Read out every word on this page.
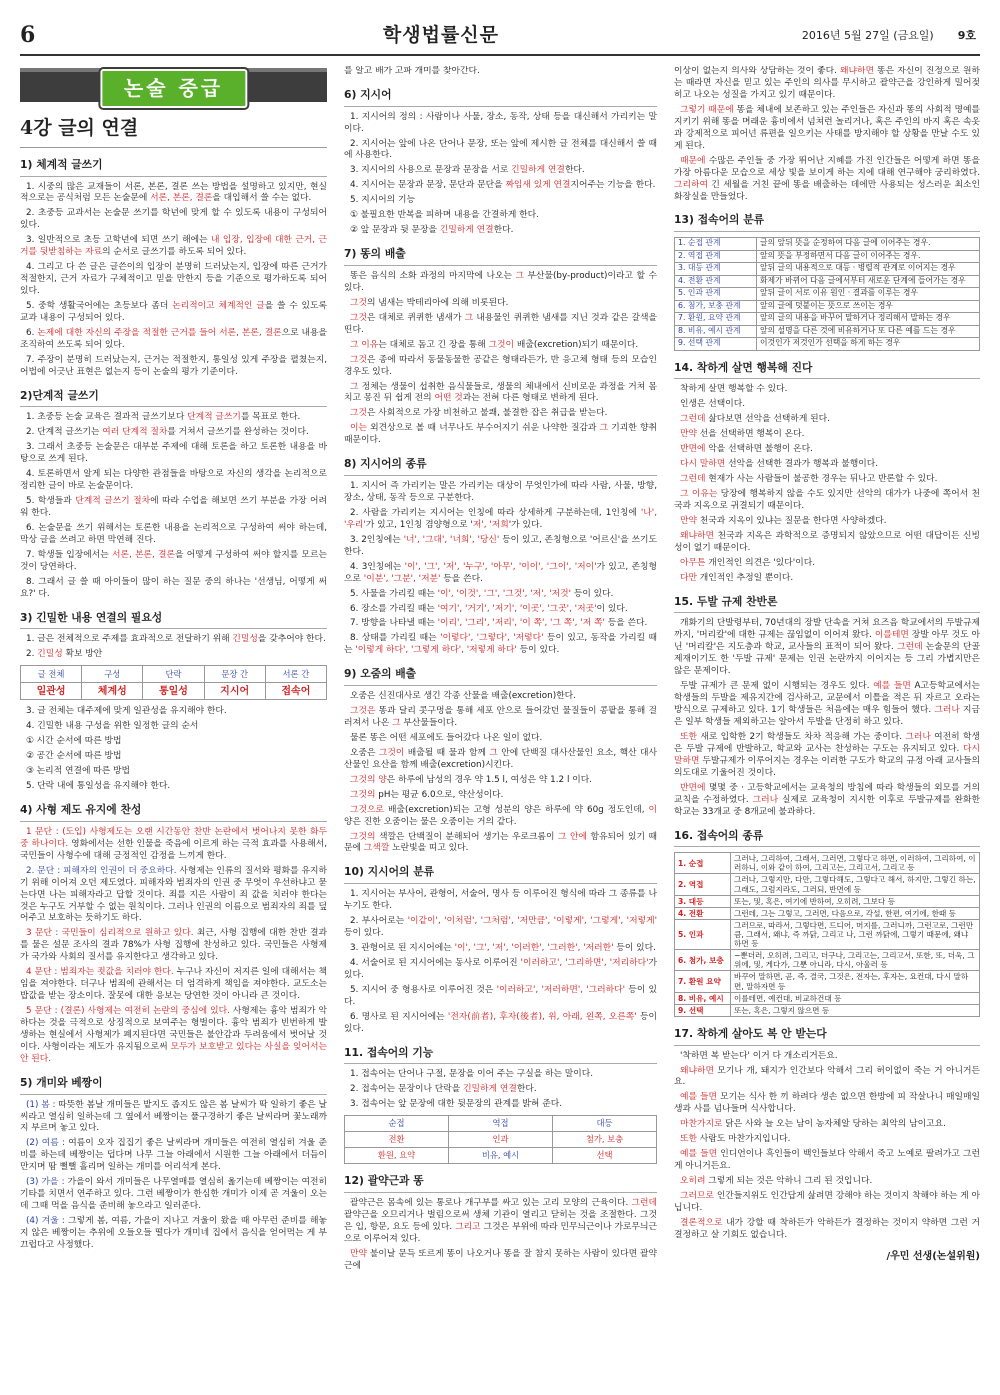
6	학생법률신문	2016년 5월 27일 (금요일) 9호
논술 중급
4강 글의 연결
1) 체계적 글쓰기

1. 시중의 많은 교재들이 서론, 본론, 결론 쓰는 방법을 설명하고 있지만, 현실적으로는 공식처럼 모든 논술문에 서론, 본론, 결론을 대입해서 쓸 수는 없다.

2. 초중등 교과서는 논술문 쓰기를 학년에 맞게 할 수 있도록 내용이 구성되어 있다.

3. 일반적으로 초등 고학년에 되면 쓰기 해에는 내 입장, 입장에 대한 근거, 근거를 뒷받침하는 자료의 순서로 글쓰기를 하도록 되어 있다.

4. 그리고 다 쓴 글은 글쓴이의 입장이 분명히 드러났는지, 입장에 따른 근거가 적절한지, 근거 자료가 구체적이고 믿을 만한지 등을 기준으로 평가하도록 되어 있다.

5. 중학 생활국어에는 초등보다 좀더 논리적이고 체계적인 글을 쓸 수 있도록 교과 내용이 구성되어 있다.

6. 논제에 대한 자신의 주장을 적절한 근거를 들어 서론, 본론, 결론으로 내용을 조직하여 쓰도록 되어 있다.

7. 주장이 분명히 드러났는지, 근거는 적절한지, 통일성 있게 주장을 펼쳤는지, 어법에 어긋난 표현은 없는지 등이 논술의 평가 기준이다.

2)단계적 글쓰기

1. 초중등 논술 교육은 결과적 글쓰기보다 단계적 글쓰기를 목표로 한다.

2. 단계적 글쓰기는 여러 단계적 절차를 거쳐서 글쓰기를 완성하는 것이다.

3. 그래서 초중등 논술문은 대부분 주제에 대해 토론을 하고 토론한 내용을 바탕으로 쓰게 된다.

4. 토론하면서 알게 되는 다양한 관점들을 바탕으로 자신의 생각을 논리적으로 정리한 글이 바로 논술문이다.

5. 학생들과 단계적 글쓰기 절차에 따라 수업을 해보면 쓰기 부분을 가장 어려워 한다.

6. 논술문을 쓰기 위해서는 토론한 내용을 논리적으로 구성하여 써야 하는데, 막상 글을 쓰려고 하면 막연해 진다.

7. 학생들 입장에서는 서론, 본론, 결론을 어떻게 구성하여 써야 할지를 모르는 것이 당연하다.

8. 그래서 글 쓸 때 아이들이 많이 하는 질문 중의 하나는 '선생님, 어떻게 써요?' 다.

3) 긴밀한 내용 연결의 필요성

1. 글은 전체적으로 주제를 효과적으로 전달하기 위해 긴밀성을 갖추어야 한다.

2. 긴밀성 확보 방안

글 전체	구성	단락	문장 간	서론 간
일관성	체계성	통일성	지시어	접속어

3. 글 전체는 대주제에 맞게 일관성을 유지해야 한다.

4. 긴밀한 내용 구성을 위한 일정한 글의 순서

① 시간 순서에 따른 방법

② 공간 순서에 따른 방법

③ 논리적 연결에 따른 방법

5. 단락 내에 통일성을 유지해야 한다.

4) 사형 제도 유지에 찬성

1 문단 : (도입) 사형제도는 오랜 시간동안 찬반 논란에서 벗어나지 못한 화두 중 하나이다. 영화에서는 선한 인물을 죽음에 이르게 하는 극적 효과를 사용해서, 국민들이 사형수에 대해 긍정적인 감정을 느끼게 한다.

2. 문단 : 피해자의 인권이 더 중요하다. 사형제는 인류의 질서와 평화를 유지하기 위해 이어져 오던 제도였다. 피해자와 범죄자의 인권 중 무엇이 우선하냐고 묻는다면 나는 피해자라고 답할 것이다. 죄를 지은 사람이 죄 값을 치러야 한다는 것은 누구도 거부할 수 없는 원칙이다. 그러나 인권의 이름으로 범죄자의 죄를 덮어주고 보호하는 듯하기도 하다.

3 문단 : 국민들이 심리적으로 원하고 있다. 최근, 사형 집행에 대한 찬반 결과를 물은 설문 조사의 결과 78%가 사형 집행에 찬성하고 있다. 국민들은 사형제가 국가와 사회의 질서를 유지한다고 생각하고 있다.

4 문단 : 범죄자는 죗값을 치러야 한다. 누구나 자신이 저지른 일에 대해서는 책임을 져야한다. 더구나 범죄에 관해서는 더 엄격하게 책임을 져야한다. 교도소는 밥값을 받는 장소이다. 잘못에 대한 응보는 당연한 것이 아니라 큰 것이다.

5 문단 : (결론) 사형제는 여전히 논란의 중심에 있다. 사형제는 흉악 범죄가 악하다는 것을 극적으로 상징적으로 보여주는 형벌이다. 흉악 범죄가 빈번하게 발생하는 현실에서 사형제가 폐지된다면 국민들은 불안감과 두려움에서 벗어날 것이다. 사형이라는 제도가 유지됨으로써 모두가 보호받고 있다는 사실을 잊어서는 안 된다.

5) 개미와 베짱이

(1) 봄 : 따뜻한 봄날 개미들은 밭지도 좁지도 않은 봄 날씨가 딱 일하기 좋은 날씨라고 열심히 일하는데 그 옆에서 베짱이는 풀구경하기 좋은 날씨라며 꽃노래까지 부르며 놓고 있다.

(2) 여름 : 여름이 오자 집집기 좋은 날씨라며 개미들은 여전히 열심히 겨울 준비를 하는데 베짱이는 덥다며 나무 그늘 아래에서 시원한 그늘 아래에서 더듬이 만지며 땀 뻘뻘 흘리며 일하는 개미를 어리석게 본다.

(3) 가을 : 가을이 와서 개미들은 나무열매를 열심히 옮기는데 베짱이는 여전히 기타를 치면서 연주하고 있다. 그런 베짱이가 한심한 개미가 이제 곧 겨울이 오는데 그때 먹을 음식을 준비해 놓으라고 일러준다.

(4) 겨울 : 그렇게 봄, 여름, 가을이 지나고 겨울이 왔을 때 아무런 준비를 해놓지 않은 베짱이는 추위에 오들오들 떨다가 개미네 집에서 음식을 얻어먹는 게 부끄럽다고 사정했다.

를 알고 배가 고파 개미를 찾아간다.

6) 지시어

1. 지시어의 정의 : 사람이나 사물, 장소, 동작, 상태 등을 대신해서 가리키는 말이다.

2. 지시어는 앞에 나온 단어나 문장, 또는 앞에 제시한 글 전체를 대신해서 쓸 때에 사용한다.

3. 지시어의 사용으로 문장과 문장을 서로 긴밀하게 연결한다.

4. 지시어는 문장과 문장, 문단과 문단을 짜임새 있게 연결지어주는 기능을 한다.

5. 지시어의 기능

① 불필요한 반복을 피하며 내용을 간결하게 한다.

② 앞 문장과 뒷 문장을 긴밀하게 연결한다.

7) 똥의 배출

똥은 음식의 소화 과정의 마지막에 나오는 그 부산물(by-product)이라고 할 수 있다.

그것의 냄새는 박테리아에 의해 비롯된다.

그것은 대체로 퀴퀴한 냄새가 그 내용물인 퀴퀴한 냄새를 지닌 것과 같은 갈색을 띤다.

그 이유는 대체로 돔고 긴 장을 통해 그것이 배출(excretion)되기 때문이다.

그것은 종에 따라서 동물동물한 공같은 형태라든가, 반 응고체 형태 등의 모습인 경우도 있다.

그 정체는 생물이 섭취한 음식물들로, 생물의 체내에서 신비로운 과정을 거쳐 몸치고 몽진 뒤 쉽게 전의 어떤 것과는 전혀 다른 형태로 변하게 된다.

그것은 사회적으로 가장 비천하고 불쾌, 불결한 잡은 취급을 받는다.

이는 외견상으로 볼 때 너무나도 부수어지기 쉬운 나약한 질감과 그 기괴한 향취 때문이다.

8) 지시어의 종류

1. 지시어 즉 가리키는 말은 가리키는 대상이 무엇인가에 따라 사람, 사물, 방향, 장소, 상태, 동작 등으로 구분한다.

2. 사람을 가리키는 지시어는 인칭에 따라 상세하게 구분하는데, 1인칭에 '나', '우리'가 있고, 1인칭 겸양형으로 '저', '저희'가 있다.

3. 2인칭에는 '너', '그대', '너희', '당신' 등이 있고, 존칭형으로 '어르신'을 쓰기도 한다.

4. 3인칭에는 '이', '그', '저', '누구', '아무', '이이', '그이', '저이'가 있고, 존칭형으로 '이분', '그분', '저분' 등을 쓴다.

5. 사물을 가리킬 때는 '이', '이것', '그', '그것', '저', '저것' 등이 있다.

6. 장소를 가리킬 때는 '여기', '거기', '저기', '이곳', '그곳', '저곳'이 있다.

7. 방향을 나타낼 때는 '이리', '그리', '저리', '이 쪽', '그 쪽', '저 쪽' 등을 쓴다.

8. 상태를 가리킬 때는 '이렇다', '그렇다', '저렇다' 등이 있고, 동작을 가리킬 때는 '이렇게 하다', '그렇게 하다', '저렇게 하다' 등이 있다.

9) 오줌의 배출

오줌은 신진대사로 생긴 각종 산물을 배출(excretion)한다.

그것은 똥과 달리 콧구멍을 통해 세포 안으로 들어갔던 물질들이 콩팥을 통해 걸러져서 나온 그 부산물들이다.

물론 똥은 어떤 세포에도 들어갔다 나온 일이 없다.

오줌은 그것이 배출될 때 물과 함께 그 안에 단백질 대사산물인 요소, 핵산 대사산물인 요산을 함께 배출(excretion)시킨다.

그것의 양은 하루에 남성의 경우 약 1.5 l, 여성은 약 1.2 l 이다.

그것의 pH는 평균 6.0으로, 약산성이다.

그것으로 배출(excretion)되는 고형 성분의 양은 하루에 약 60g 정도인데, 이 양은 진한 오줌이는 물은 오줌이는 거의 같다.

그것의 색깔은 단백질이 분해되어 생기는 우로크롬이 그 안에 함유되어 있기 때문에 그색깔 노란빛을 띠고 있다.

10) 지시어의 분류

1. 지시어는 부사어, 관형어, 서술어, 명사 등 이루어진 형식에 따라 그 종류를 나누기도 한다.

2. 부사어로는 '이같이', '이처럼', '그처럼', '저만큼', '이렇게', '그렇게', '저렇게' 등이 있다.

3. 관형어로 된 지시어에는 '이', '그', '저', '이러한', '그러한', '저러한' 등이 있다.

4. 서술어로 된 지시어에는 동사로 이루어진 '이러하고', '그리하면', '저리하다'가 있다.

5. 지시어 중 형용사로 이루어진 것은 '이러하고', '저러하면', '그러하다' 등이 있다.

6. 명사로 된 지시어에는 '전자(前者), 후자(後者), 위, 아래, 왼쪽, 오른쪽' 등이 있다.

11. 접속어의 기능

1. 접속어는 단어나 구절, 문장을 이어 주는 구실을 하는 말이다.

2. 접속어는 문장이나 단락을 긴밀하게 연결한다.

3. 접속어는 앞 문장에 대한 뒷문장의 관계를 밝혀 준다.

순접	역접	대등
전환	인과	첨가, 보충
환원, 요약	비유, 예시	선택
12) 괄약근과 똥

괄약근은 몸속에 있는 통로나 개구부를 싸고 있는 고리 모양의 근육이다. 그런데 괄약근을 오므리거나 벌림으로써 생체 기관이 열리고 닫히는 것을 조절한다. 그것은 입, 항문, 요도 등에 있다. 그리고 그것은 부위에 따라 민무늬근이나 가로무늬근으로 이루어져 있다.

만약 불이날 문득 또르게 똥이 나오거나 똥을 잘 참지 못하는 사람이 있다면 괄약근에

이상이 없는지 의사와 상담하는 것이 좋다. 왜냐하면 똥은 자신이 진정으로 원하는 때라면 자신을 믿고 있는 주인의 의사를 무시하고 괄약근을 강인하게 밀어젖히고 나오는 성질을 가지고 있기 때문이다.

그렇기 때문에 똥을 체내에 보존하고 있는 주인들은 자신과 똥의 사회적 명예를 지키기 위해 똥을 며래운 흉비에서 넘쳐런 놀리거나, 혹은 주인의 바지 혹은 속옷과 강제적으로 피어넌 류편을 일으키는 사태를 방지해야 할 상황을 만날 수도 있게 된다.

때문에 수많은 주인들 중 가장 뛰어난 지혜를 가진 인간들은 어떻게 하면 똥을 가장 아름다운 모습으로 세상 빛을 보이게 하는 지에 대해 연구해야 궁리하였다. 그리하여 긴 세월을 거친 끝에 똥을 배출하는 데에만 사용되는 성스러운 최소인 화장실을 만들었다.

13) 접속어의 분류
1. 순접 관계	글의 앞뒤 뜻을 순정하여 다음 글에 이어주는 경우.
2. 역접 관계	앞의 뜻을 부정하면서 다음 글이 이어주는 경우.
3. 대등 관계	앞뒤 글의 내용적으로 대등 · 병렬적 관계로 이어지는 경우
4. 전환 관계	화제가 바뀌어 다음 글에서부터 새로운 단계에 들어가는 경우
5. 인과 관계	앞뒤 글이 서로 이유 원인 · 결과를 이루는 경우
6. 첨가, 보충 관계	앞의 글에 덧붙이는 뜻으로 쓰이는 경우
7. 환원, 요약 관계	앞의 글의 내용을 바꾸어 말하거나 정리해서 말하는 경우
8. 비유, 예시 관계	앞의 설명을 다른 것에 비유하거나 또 다른 예를 드는 경우
9. 선택 관계	이것인가 저것인가 선택을 하게 하는 경우
14. 착하게 살면 행복해 진다

착하게 살면 행복할 수 있다.

인생은 선택이다.

그런데 삶다보면 선악을 선택하게 된다.

만약 선을 선택하면 행복이 온다.

반면에 악을 선택하면 불행이 온다.

다시 말하면 선악을 선택한 결과가 행복과 불행이다.

그런데 현재가 사는 사람들이 불공한 경우는 뒤나고 반론할 수 있다.

그 이유는 당장에 행복하지 않을 수도 있지만 선악의 대가가 나중에 쪽어서 천국과 지옥으로 귀결되기 때문이다.

만약 천국과 지옥이 있냐는 질문을 한다면 사양하겠다.

왜냐하면 천국과 지옥은 과학적으로 증명되지 않았으므로 어떤 대답이든 신빙성이 없기 때문이다.

아무튼 개인적인 의견은 '있다'이다.

다만 개인적인 추정일 뿐이다.

15. 두발 규제 찬반론

개화기의 단발령부터, 70년대의 장발 단속을 거쳐 요즈음 학교에서의 두발규제까지, '머리칼'에 대한 규제는 끊임없이 이어져 왔다. 이를테면 장발 아무 것도 아닌 '머리칼'은 지도층과 학교, 교사들의 표적이 되어 왔다. 그런데 논술문의 단골 제재이기도 한 '두발 규제' 문제는 인권 논란까지 이어지는 등 그리 가볍지만은 않은 문제이다.

두발 규제가 큰 문제 없이 시행되는 경우도 있다. 예를 들면 A고등학교에서는 학생들의 두발을 제유지간에 검사하고, 교문에서 이틀을 적은 뒤 자르고 오라는 방식으로 규제하고 있다. 1기 학생들은 처음에는 매우 힘들어 했다. 그러나 지금은 일부 학생들 제외하고는 알아서 두발을 단정히 하고 있다.

또한 새로 입학한 2기 학생들도 차차 적응해 가는 중이다. 그러나 여전히 학생은 두발 규제에 반발하고, 학교와 교사는 찬성하는 구도는 유지되고 있다. 다시 말하면 두발규제가 이루어지는 경우는 이러한 구도가 학교의 규정 아래 교사들의 의도대로 기울어진 것이다.

반면에 몇몇 중 · 고등학교에서는 교육청의 방침에 따라 학생들의 외모를 거의 교칙을 수정하였다. 그러나 실제로 교육청이 지시한 이후로 두발규제를 완화한 학교는 33개교 중 8개교에 불과하다.

16. 접속어의 종류
1. 순접	그러나, 그리하여, 그래서, 그러면, 그렇다고 하면, 이러하여, 그리하여, 이러하니, 이와 같이 하여, 그리고는, 그리고서, 그리고 등
2. 역접	그러나, 그렇지만, 다만, 그렇다해도, 그렇다고 해서, 하지만, 그렇긴 하는, 그래도, 그럼지라도, 그러되, 반면에 등
3. 대등	또는, 및, 혹은, 여기에 반하여, 오히려, 그보다 등
4. 전환	그런데, 그는 그렇고, 그러면, 다음으로, 각설, 한편, 여기에, 한때 등
5. 인과	그러므로, 따라서, 그렇다면, 드디어, 머지를, 그러니까, 그런고로, 그런만큼, 그래서, 왜냐, 즉 까닭, 그리고 나, 그런 까닭에, 그렇기 때문에, 왜냐 하면 등
6. 첨가, 보충	~뿐더러, 오히려, 그리고, 더구나, 그리고는, 그리고서, 또한, 또, 더욱, 그 위에, 및, 게다가, 그뿐 아니라, 다시, 아울러 등
7. 환원 요약	바꾸어 말하면, 곧, 즉, 결국, 그것은, 전자는, 후자는, 요컨대, 다시 말하면, 말하자면 등
8. 비유, 예시	이를테면, 예컨대, 비교하건대 등
9. 선택	또는, 혹은, 그렇지 않으면 등
17. 착하게 살아도 복 안 받는다

'착하면 복 받는다' 이거 다 개소리거든요.

왜냐하면 모기나 개, 돼지가 인간보다 악해서 그리 허이없이 죽는 거 아니거든요.

예를 들면 모기는 식사 한 끼 하려다 생손 없으면 한방에 피 작살나니 매일매일 생과 사를 넘나들며 식사합니다.

마찬가지로 닭은 사와 늘 오는 남이 농자체알 당하는 최악의 남이고요.

또한 사람도 마찬가지입니다.

예를 들면 인디언이나 흑인들이 백인들보다 악해서 죽고 노예로 팔려가고 그런게 아니거든요.

오히려 그렇게 되는 것은 악하니 그리 된 것입니다.

그러므로 인간들지위도 인간답게 삶려면 강해야 하는 것이지 착해야 하는 게 아닙니다.

결론적으로 내가 강할 때 착하든가 악하든가 결정하는 것이지 약하면 그런 거 결정하고 살 기회도 없습니다.

/우민 선생(논설위원)
